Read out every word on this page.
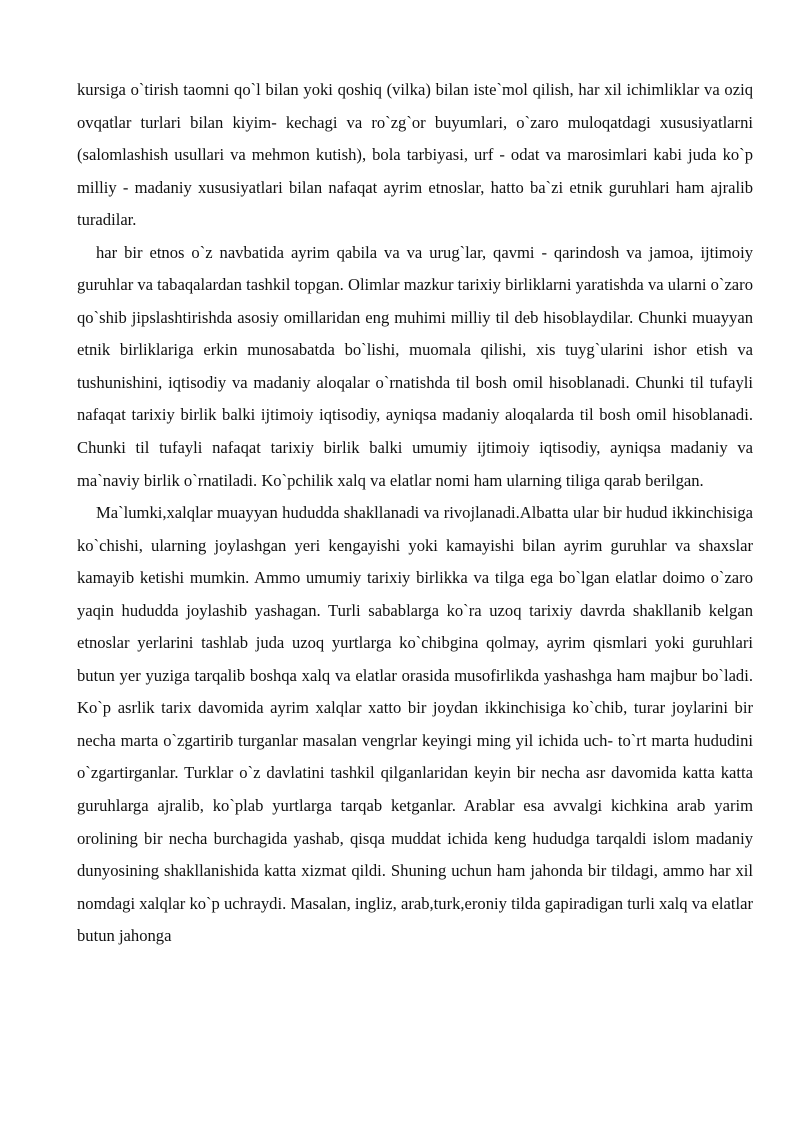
kursiga o`tirish taomni qo`l bilan yoki qoshiq (vilka) bilan iste`mol qilish, har xil ichimliklar va oziq ovqatlar turlari bilan kiyim- kechagi va ro`zg`or buyumlari, o`zaro muloqatdagi xususiyatlarni (salomlashish usullari va mehmon kutish), bola tarbiyasi, urf - odat va marosimlari kabi juda ko`p milliy - madaniy xususiyatlari bilan nafaqat ayrim etnoslar, hatto ba`zi etnik guruhlari ham ajralib turadilar.

har bir etnos o`z navbatida ayrim qabila va va urug`lar, qavmi - qarindosh va jamoa, ijtimoiy guruhlar va tabaqalardan tashkil topgan. Olimlar mazkur tarixiy birliklarni yaratishda va ularni o`zaro qo`shib jipslashtirishda asosiy omillaridan eng muhimi milliy til deb hisoblaydilar. Chunki muayyan etnik birliklariga erkin munosabatda bo`lishi, muomala qilishi, xis tuyg`ularini ishor etish va tushunishini, iqtisodiy va madaniy aloqalar o`rnatishda til bosh omil hisoblanadi. Chunki til tufayli nafaqat tarixiy birlik balki ijtimoiy iqtisodiy, ayniqsa madaniy aloqalarda til bosh omil hisoblanadi. Chunki til tufayli nafaqat tarixiy birlik balki umumiy ijtimoiy iqtisodiy, ayniqsa madaniy va ma`naviy birlik o`rnatiladi. Ko`pchilik xalq va elatlar nomi ham ularning tiliga qarab berilgan.

Ma`lumki,xalqlar muayyan hududda shakllanadi va rivojlanadi.Albatta ular bir hudud ikkinchisiga ko`chishi, ularning joylashgan yeri kengayishi yoki kamayishi bilan ayrim guruhlar va shaxslar kamayib ketishi mumkin. Ammo umumiy tarixiy birlikka va tilga ega bo`lgan elatlar doimo o`zaro yaqin hududda joylashib yashagan. Turli sabablarga ko`ra uzoq tarixiy davrda shakllanib kelgan etnoslar yerlarini tashlab juda uzoq yurtlarga ko`chibgina qolmay, ayrim qismlari yoki guruhlari butun yer yuziga tarqalib boshqa xalq va elatlar orasida musofirlikda yashashga ham majbur bo`ladi. Ko`p asrlik tarix davomida ayrim xalqlar xatto bir joydan ikkinchisiga ko`chib, turar joylarini bir necha marta o`zgartirib turganlar masalan vengrlar keyingi ming yil ichida uch- to`rt marta hududini o`zgartirganlar. Turklar o`z davlatini tashkil qilganlaridan keyin bir necha asr davomida katta katta guruhlarga ajralib, ko`plab yurtlarga tarqab ketganlar. Arablar esa avvalgi kichkina arab yarim orolining bir necha burchagida yashab, qisqa muddat ichida keng hududga tarqaldi islom madaniy dunyosining shakllanishida katta xizmat qildi. Shuning uchun ham jahonda bir tildagi, ammo har xil nomdagi xalqlar ko`p uchraydi. Masalan, ingliz, arab,turk,eroniy tilda gapiradigan turli xalq va elatlar butun jahonga
